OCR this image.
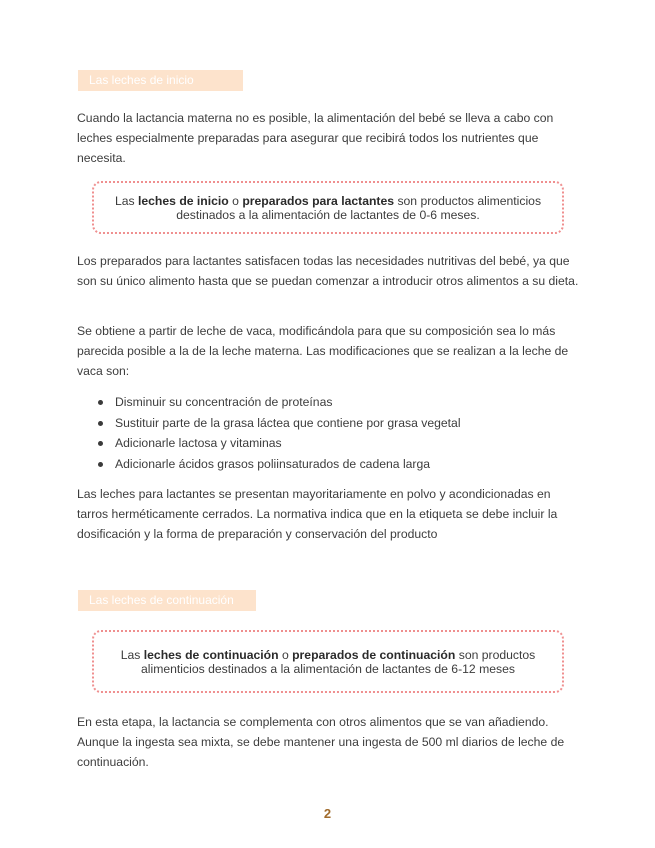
Las leches de inicio

Cuando la lactancia materna no es posible, la alimentación del bebé se lleva a cabo con leches especialmente preparadas para asegurar que recibirá todos los nutrientes que necesita.

Las leches de inicio o preparados para lactantes son productos alimenticios
destinados a la alimentación de lactantes de 0-6 meses.

Los preparados para lactantes satisfacen todas las necesidades nutritivas del bebé, ya que son su único alimento hasta que se puedan comenzar a introducir otros alimentos a su dieta.

Se obtiene a partir de leche de vaca, modificándola para que su composición sea lo más parecida posible a la de la leche materna. Las modificaciones que se realizan a la leche de vaca son:

Disminuir su concentración de proteínas
Sustituir parte de la grasa láctea que contiene por grasa vegetal
Adicionarle lactosa y vitaminas
Adicionarle ácidos grasos poliinsaturados de cadena larga

Las leches para lactantes se presentan mayoritariamente en polvo y acondicionadas en tarros herméticamente cerrados. La normativa indica que en la etiqueta se debe incluir la dosificación y la forma de preparación y conservación del producto

Las leches de continuación
Las leches de continuación o preparados de continuación son productos
alimenticios destinados a la alimentación de lactantes de 6-12 meses

En esta etapa, la lactancia se complementa con otros alimentos que se van añadiendo. Aunque la ingesta sea mixta, se debe mantener una ingesta de 500 ml diarios de leche de continuación.

2
